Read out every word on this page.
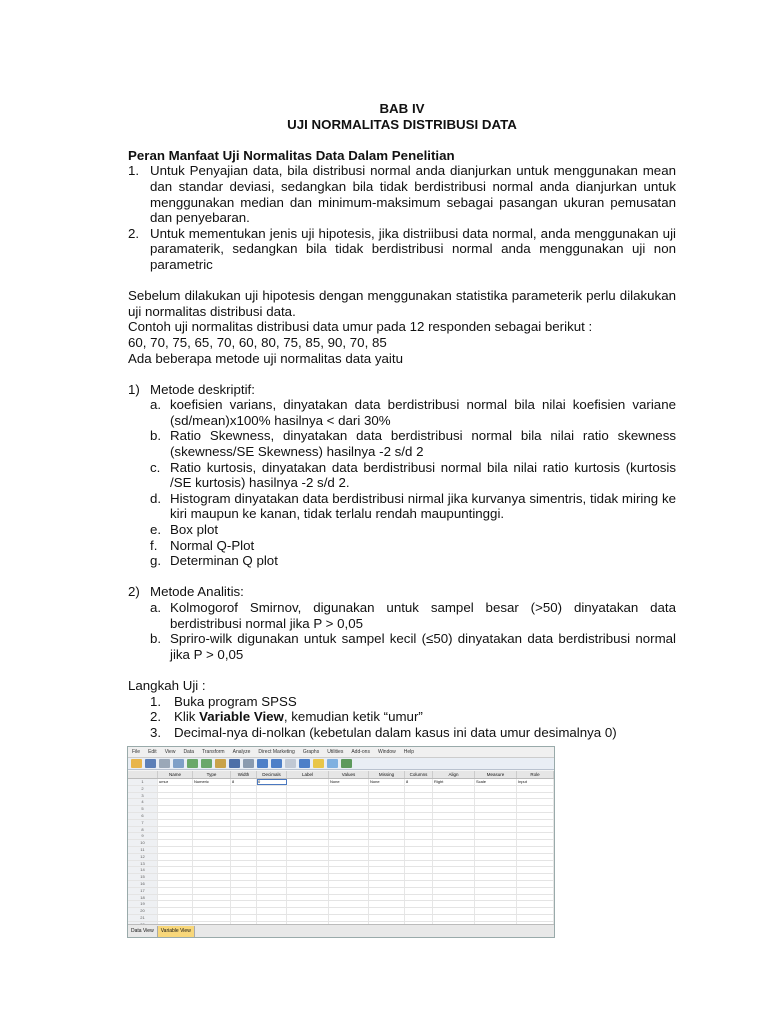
BAB IV

UJI NORMALITAS DISTRIBUSI DATA

Peran Manfaat Uji Normalitas Data Dalam Penelitian

1. Untuk Penyajian data, bila distribusi normal anda dianjurkan untuk menggunakan mean dan standar deviasi, sedangkan bila tidak berdistribusi normal anda dianjurkan untuk menggunakan median dan minimum-maksimum sebagai pasangan ukuran pemusatan dan penyebaran.
2. Untuk mementukan jenis uji hipotesis, jika distriibusi data normal, anda menggunakan uji paramaterik, sedangkan bila tidak berdistribusi normal anda menggunakan uji non parametric

Sebelum dilakukan uji hipotesis dengan menggunakan statistika parameterik perlu dilakukan uji normalitas distribusi data.

Contoh uji normalitas distribusi data umur pada 12 responden sebagai berikut :

60, 70, 75, 65, 70, 60, 80, 75, 85, 90, 70, 85

Ada beberapa metode uji normalitas data yaitu

1) Metode deskriptif:
a. koefisien varians, dinyatakan data berdistribusi normal bila nilai koefisien variane (sd/mean)x100% hasilnya < dari 30%
b. Ratio Skewness, dinyatakan data berdistribusi normal bila nilai ratio skewness (skewness/SE Skewness) hasilnya -2 s/d 2
c. Ratio kurtosis, dinyatakan data berdistribusi normal bila nilai ratio kurtosis (kurtosis /SE kurtosis) hasilnya -2 s/d 2.
d. Histogram dinyatakan data berdistribusi nirmal jika kurvanya simentris, tidak miring ke kiri maupun ke kanan, tidak terlalu rendah maupuntinggi.
e. Box plot
f. Normal Q-Plot
g. Determinan Q plot
2) Metode Analitis:
a. Kolmogorof Smirnov, digunakan untuk sampel besar (>50) dinyatakan data berdistribusi normal jika P > 0,05
b. Spriro-wilk digunakan untuk sampel kecil (≤50) dinyatakan data berdistribusi normal jika P > 0,05

Langkah Uji :

1. Buka program SPSS
2. Klik Variable View, kemudian ketik “umur”
3. Decimal-nya di-nolkan (kebetulan dalam kasus ini data umur desimalnya 0)
File Edit View Data Transform Analyze Direct Marketing Graphs Utilities Add-ons Window Help
Name	Type	Width	Decimals	Label	Values	Missing	Columns	Align	Measure	Role
1	umur	Numeric	8	0	None	None	8	Right	Scale	Input
2
3
4
5
6
7
8
9
10
11
12
13
14
15
16
17
18
19
20
21
Data View	Variable View
